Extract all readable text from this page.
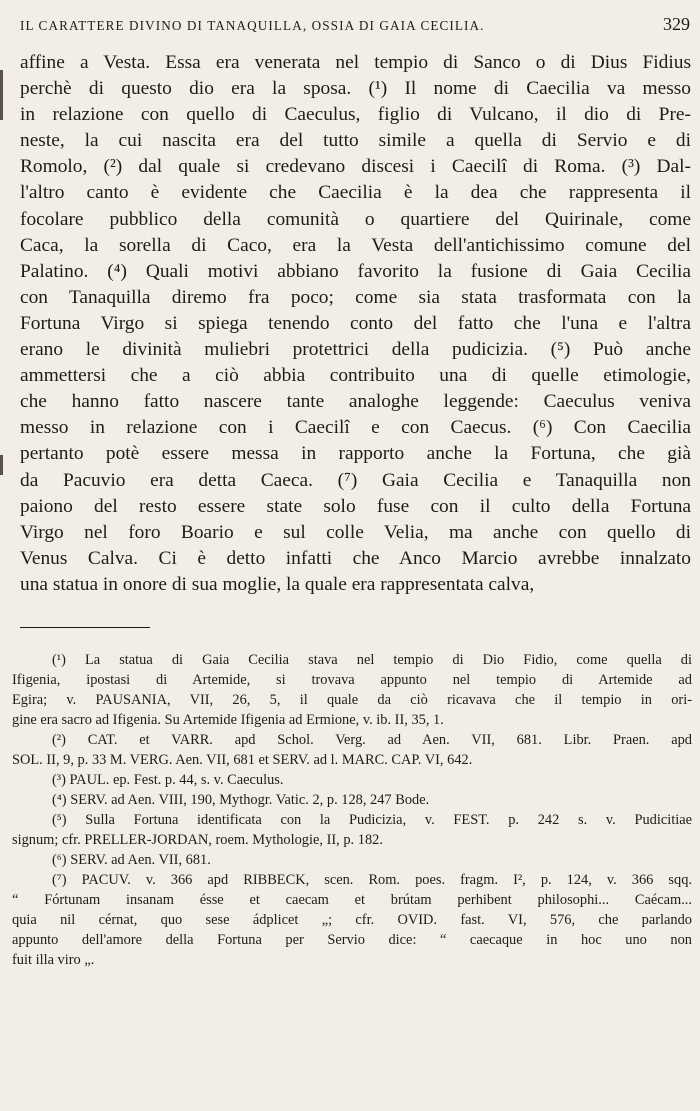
IL CARATTERE DIVINO DI TANAQUILLA, OSSIA DI GAIA CECILIA.	329
affine a Vesta. Essa era venerata nel tempio di Sanco o di Dius Fidius
perchè di questo dio era la sposa. (¹) Il nome di Caecilia va messo
in relazione con quello di Caeculus, figlio di Vulcano, il dio di Pre-
neste, la cui nascita era del tutto simile a quella di Servio e di
Romolo, (²) dal quale si credevano discesi i Caecilî di Roma. (³) Dal-
l'altro canto è evidente che Caecilia è la dea che rappresenta il
focolare pubblico della comunità o quartiere del Quirinale, come
Caca, la sorella di Caco, era la Vesta dell'antichissimo comune del
Palatino. (⁴) Quali motivi abbiano favorito la fusione di Gaia Cecilia
con Tanaquilla diremo fra poco; come sia stata trasformata con la
Fortuna Virgo si spiega tenendo conto del fatto che l'una e l'altra
erano le divinità muliebri protettrici della pudicizia. (⁵) Può anche
ammettersi che a ciò abbia contribuito una di quelle etimologie,
che hanno fatto nascere tante analoghe leggende: Caeculus veniva
messo in relazione con i Caecilî e con Caecus. (⁶) Con Caecilia
pertanto potè essere messa in rapporto anche la Fortuna, che già
da Pacuvio era detta Caeca. (⁷) Gaia Cecilia e Tanaquilla non
paiono del resto essere state solo fuse con il culto della Fortuna
Virgo nel foro Boario e sul colle Velia, ma anche con quello di
Venus Calva. Ci è detto infatti che Anco Marcio avrebbe innalzato
una statua in onore di sua moglie, la quale era rappresentata calva,
(¹) La statua di Gaia Cecilia stava nel tempio di Dio Fidio, come quella di
Ifigenia, ipostasi di Artemide, si trovava appunto nel tempio di Artemide ad
Egira; v. PAUSANIA, VII, 26, 5, il quale da ciò ricavava che il tempio in ori-
gine era sacro ad Ifigenia. Su Artemide Ifigenia ad Ermione, v. ib. II, 35, 1.
(²) CAT. et VARR. apd Schol. Verg. ad Aen. VII, 681. Libr. Praen. apd
SOL. II, 9, p. 33 M. VERG. Aen. VII, 681 et SERV. ad l. MARC. CAP. VI, 642.
(³) PAUL. ep. Fest. p. 44, s. v. Caeculus.
(⁴) SERV. ad Aen. VIII, 190, Mythogr. Vatic. 2, p. 128, 247 Bode.
(⁵) Sulla Fortuna identificata con la Pudicizia, v. FEST. p. 242 s. v. Pudicitiae
signum; cfr. PRELLER-JORDAN, roem. Mythologie, II, p. 182.
(⁶) SERV. ad Aen. VII, 681.
(⁷) PACUV. v. 366 apd RIBBECK, scen. Rom. poes. fragm. I², p. 124, v. 366 sqq.
“ Fórtunam insanam ésse et caecam et brútam perhibent philosophi... Caécam...
quia nil cérnat, quo sese ádplicet „; cfr. OVID. fast. VI, 576, che parlando
appunto dell'amore della Fortuna per Servio dice: “ caecaque in hoc uno non
fuit illa viro „.
